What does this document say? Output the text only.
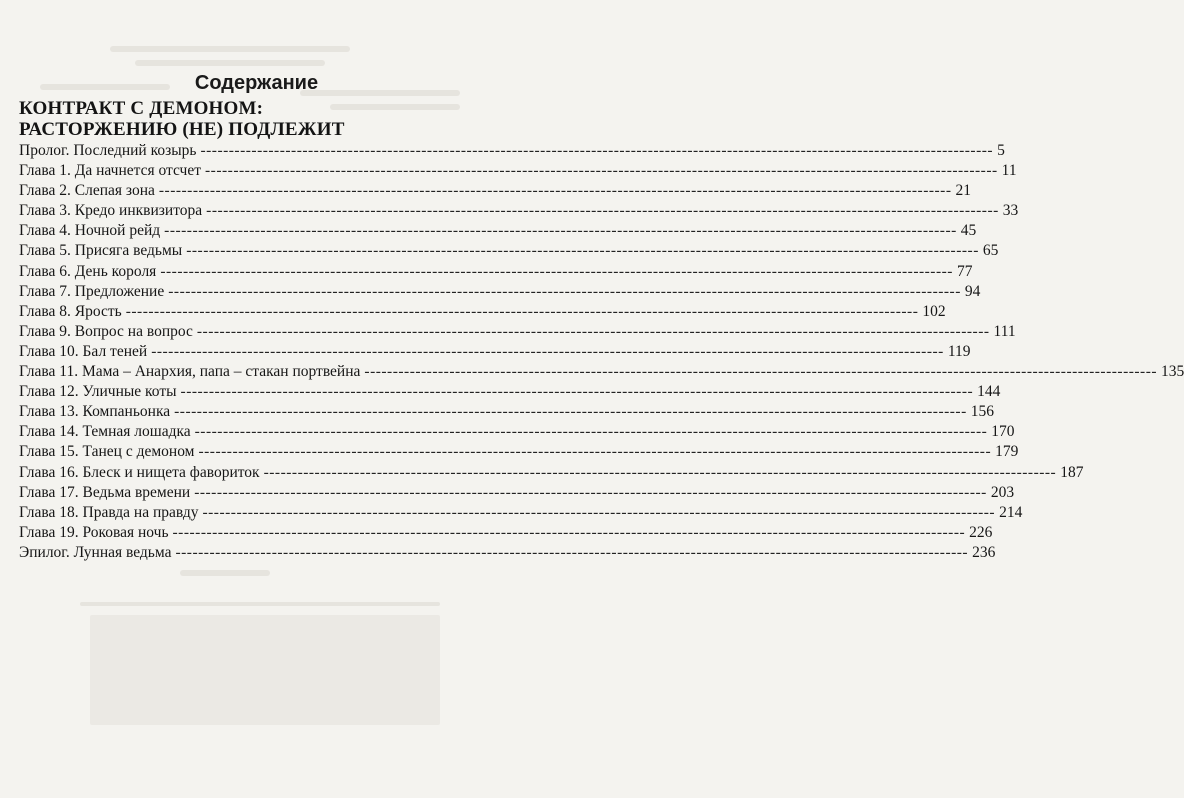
Содержание
КОНТРАКТ С ДЕМОНОМ:
РАСТОРЖЕНИЮ (НЕ) ПОДЛЕЖИТ
Пролог. Последний козырь -------------------------------------------------------------------------------------------------------------------------------------------- 5
Глава 1. Да начнется отсчет -------------------------------------------------------------------------------------------------------------------------------------------- 11
Глава 2. Слепая зона -------------------------------------------------------------------------------------------------------------------------------------------- 21
Глава 3. Кредо инквизитора -------------------------------------------------------------------------------------------------------------------------------------------- 33
Глава 4. Ночной рейд -------------------------------------------------------------------------------------------------------------------------------------------- 45
Глава 5. Присяга ведьмы -------------------------------------------------------------------------------------------------------------------------------------------- 65
Глава 6. День короля -------------------------------------------------------------------------------------------------------------------------------------------- 77
Глава 7. Предложение -------------------------------------------------------------------------------------------------------------------------------------------- 94
Глава 8. Ярость -------------------------------------------------------------------------------------------------------------------------------------------- 102
Глава 9. Вопрос на вопрос -------------------------------------------------------------------------------------------------------------------------------------------- 111
Глава 10. Бал теней -------------------------------------------------------------------------------------------------------------------------------------------- 119
Глава 11. Мама – Анархия, папа – стакан портвейна -------------------------------------------------------------------------------------------------------------------------------------------- 135
Глава 12. Уличные коты -------------------------------------------------------------------------------------------------------------------------------------------- 144
Глава 13. Компаньонка -------------------------------------------------------------------------------------------------------------------------------------------- 156
Глава 14. Темная лошадка -------------------------------------------------------------------------------------------------------------------------------------------- 170
Глава 15. Танец с демоном -------------------------------------------------------------------------------------------------------------------------------------------- 179
Глава 16. Блеск и нищета фавориток -------------------------------------------------------------------------------------------------------------------------------------------- 187
Глава 17. Ведьма времени -------------------------------------------------------------------------------------------------------------------------------------------- 203
Глава 18. Правда на правду -------------------------------------------------------------------------------------------------------------------------------------------- 214
Глава 19. Роковая ночь -------------------------------------------------------------------------------------------------------------------------------------------- 226
Эпилог. Лунная ведьма -------------------------------------------------------------------------------------------------------------------------------------------- 236
